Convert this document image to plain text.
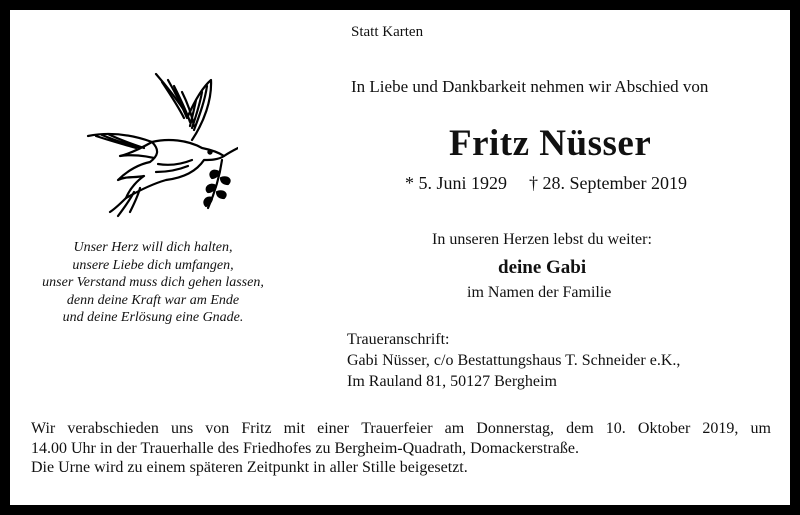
Statt Karten
In Liebe und Dankbarkeit nehmen wir Abschied von
Fritz Nüsser
* 5. Juni 1929 † 28. September 2019
Unser Herz will dich halten,
unsere Liebe dich umfangen,
unser Verstand muss dich gehen lassen,
denn deine Kraft war am Ende
und deine Erlösung eine Gnade.
In unseren Herzen lebst du weiter:
deine Gabi
im Namen der Familie
Traueranschrift:
Gabi Nüsser, c/o Bestattungshaus T. Schneider e.K.,
Im Rauland 81, 50127 Bergheim
Wir verabschieden uns von Fritz mit einer Trauerfeier am Donnerstag, dem 10. Oktober 2019, um
14.00 Uhr in der Trauerhalle des Friedhofes zu Bergheim-Quadrath, Domackerstraße.
Die Urne wird zu einem späteren Zeitpunkt in aller Stille beigesetzt.
